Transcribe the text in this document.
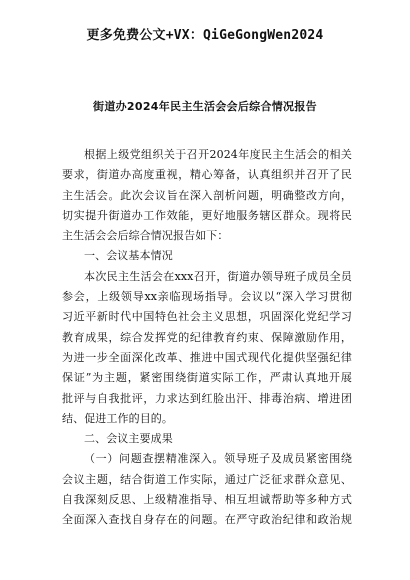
更多免费公文+VX：QiGeGongWen2024
街道办2024年民主生活会会后综合情况报告
根据上级党组织关于召开2024年度民主生活会的相关
要求，街道办高度重视，精心筹备，认真组织并召开了民
主生活会。此次会议旨在深入剖析问题，明确整改方向，
切实提升街道办工作效能，更好地服务辖区群众。现将民
主生活会会后综合情况报告如下：
一、会议基本情况
本次民主生活会在xxx召开，街道办领导班子成员全员
参会，上级领导xx亲临现场指导。会议以“深入学习贯彻
习近平新时代中国特色社会主义思想，巩固深化党纪学习
教育成果，综合发挥党的纪律教育约束、保障激励作用，
为进一步全面深化改革、推进中国式现代化提供坚强纪律
保证”为主题，紧密围绕街道实际工作，严肃认真地开展
批评与自我批评，力求达到红脸出汗、排毒治病、增进团
结、促进工作的目的。
二、会议主要成果
（一）问题查摆精准深入。领导班子及成员紧密围绕
会议主题，结合街道工作实际，通过广泛征求群众意见、
自我深刻反思、上级精准指导、相互坦诚帮助等多种方式
全面深入查找自身存在的问题。在严守政治纪律和政治规
